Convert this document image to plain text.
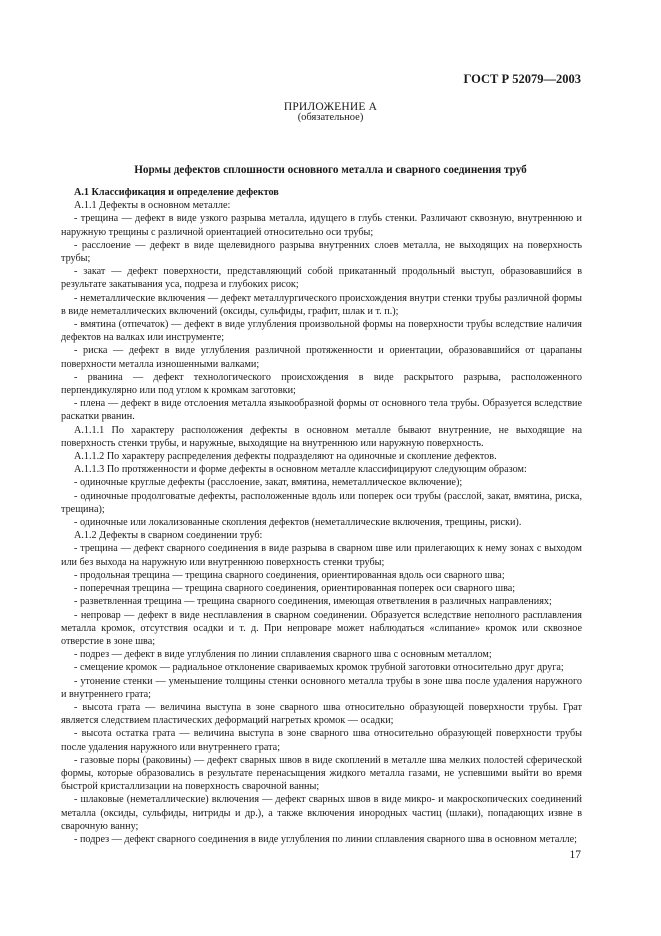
ГОСТ Р 52079—2003
ПРИЛОЖЕНИЕ А
(обязательное)
Нормы дефектов сплошности основного металла и сварного соединения труб

А.1 Классификация и определение дефектов

А.1.1 Дефекты в основном металле:

- трещина — дефект в виде узкого разрыва металла, идущего в глубь стенки. Различают сквозную, внутреннюю и наружную трещины с различной ориентацией относительно оси трубы;

- расслоение — дефект в виде щелевидного разрыва внутренних слоев металла, не выходящих на поверхность трубы;

- закат — дефект поверхности, представляющий собой прикатанный продольный выступ, образовавшийся в результате закатывания уса, подреза и глубоких рисок;

- неметаллические включения — дефект металлургического происхождения внутри стенки трубы различной формы в виде неметаллических включений (оксиды, сульфиды, графит, шлак и т. п.);

- вмятина (отпечаток) — дефект в виде углубления произвольной формы на поверхности трубы вследствие наличия дефектов на валках или инструменте;

- риска — дефект в виде углубления различной протяженности и ориентации, образовавшийся от царапаны поверхности металла изношенными валками;

- рванина — дефект технологического происхождения в виде раскрытого разрыва, расположенного перпендикулярно или под углом к кромкам заготовки;

- плена — дефект в виде отслоения металла языкообразной формы от основного тела трубы. Образуется вследствие раскатки рванин.

А.1.1.1 По характеру расположения дефекты в основном металле бывают внутренние, не выходящие на поверхность стенки трубы, и наружные, выходящие на внутреннюю или наружную поверхность.

А.1.1.2 По характеру распределения дефекты подразделяют на одиночные и скопление дефектов.

А.1.1.3 По протяженности и форме дефекты в основном металле классифицируют следующим образом:

- одиночные круглые дефекты (расслоение, закат, вмятина, неметаллическое включение);

- одиночные продолговатые дефекты, расположенные вдоль или поперек оси трубы (расслой, закат, вмятина, риска, трещина);

- одиночные или локализованные скопления дефектов (неметаллические включения, трещины, риски).

А.1.2 Дефекты в сварном соединении труб:

- трещина — дефект сварного соединения в виде разрыва в сварном шве или прилегающих к нему зонах с выходом или без выхода на наружную или внутреннюю поверхность стенки трубы;

- продольная трещина — трещина сварного соединения, ориентированная вдоль оси сварного шва;

- поперечная трещина — трещина сварного соединения, ориентированная поперек оси сварного шва;

- разветвленная трещина — трещина сварного соединения, имеющая ответвления в различных направлениях;

- непровар — дефект в виде несплавления в сварном соединении. Образуется вследствие неполного расплавления металла кромок, отсутствия осадки и т. д. При непроваре может наблюдаться «слипание» кромок или сквозное отверстие в зоне шва;

- подрез — дефект в виде углубления по линии сплавления сварного шва с основным металлом;

- смещение кромок — радиальное отклонение свариваемых кромок трубной заготовки относительно друг друга;

- утонение стенки — уменьшение толщины стенки основного металла трубы в зоне шва после удаления наружного и внутреннего грата;

- высота грата — величина выступа в зоне сварного шва относительно образующей поверхности трубы. Грат является следствием пластических деформаций нагретых кромок — осадки;

- высота остатка грата — величина выступа в зоне сварного шва относительно образующей поверхности трубы после удаления наружного или внутреннего грата;

- газовые поры (раковины) — дефект сварных швов в виде скоплений в металле шва мелких полостей сферической формы, которые образовались в результате перенасыщения жидкого металла газами, не успевшими выйти во время быстрой кристаллизации на поверхность сварочной ванны;

- шлаковые (неметаллические) включения — дефект сварных швов в виде микро- и макроскопических соединений металла (оксиды, сульфиды, нитриды и др.), а также включения инородных частиц (шлаки), попадающих извне в сварочную ванну;

- подрез — дефект сварного соединения в виде углубления по линии сплавления сварного шва в основном металле;

17
